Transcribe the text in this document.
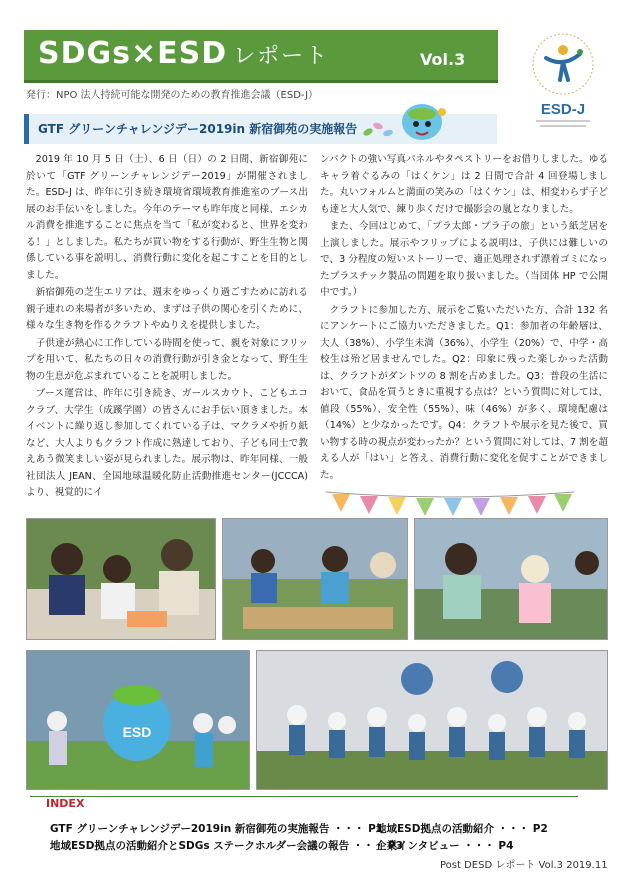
SDGs×ESD レポート	Vol.3
発行：NPO 法人持続可能な開発のための教育推進会議（ESD-J）
ESD-J
GTF グリーンチャレンジデー2019in 新宿御苑の実施報告

2019 年 10 月 5 日（土）、6 日（日）の 2 日間、新宿御苑に於いて「GTF グリーンチャレンジデー2019」が開催されました。ESD-J は、昨年に引き続き環境省環境教育推進室のブース出展のお手伝いをしました。今年のテーマも昨年度と同様、エシカル消費を推進することに焦点を当て「私が変わると、世界を変わる！」としました。私たちが買い物をする行動が、野生生物と関係している事を説明し、消費行動に変化を起こすことを目的としました。

新宿御苑の芝生エリアは、週末をゆっくり過ごすために訪れる親子連れの来場者が多いため、まずは子供の関心を引くために、様々な生き物を作るクラフトやぬりえを提供しました。

子供達が熱心に工作している時間を使って、親を対象にフリップを用いて、私たちの日々の消費行動が引き金となって、野生生物の生息が危ぶまれていることを説明しました。

ブース運営は、昨年に引き続き、ガールスカウト、こどもエコクラブ、大学生（成蹊学園）の皆さんにお手伝い頂きました。本イベントに繰り返し参加してくれている子は、マクラメや折り紙など、大人よりもクラフト作成に熟達しており、子ども同士で教えあう微笑ましい姿が見られました。展示物は、昨年同様、一般社団法人 JEAN、全国地球温暖化防止活動推進センター(JCCCA)より、視覚的にイ

ンパクトの強い写真パネルやタペストリーをお借りしました。ゆるキャラ着ぐるみの「はくケン」は 2 日間で合計 4 回登場しました。丸いフォルムと満面の笑みの「はくケン」は、相変わらず子ども達と大人気で、練り歩くだけで撮影会の嵐となりました。

また、今回はじめて、「プラ太郎・プラ子の旅」という紙芝居を上演しました。展示やフリップによる説明は、子供には難しいので、3 分程度の短いストーリーで、適正処理されず漂着ゴミになったプラスチック製品の問題を取り扱いました。（当団体 HP で公開中です。）

クラフトに参加した方、展示をご覧いただいた方、合計 132 名にアンケートにご協力いただきました。Q1：参加者の年齢層は、大人（38%）、小学生未満（36%）、小学生（20%）で、中学・高校生は殆ど居ませんでした。Q2：印象に残った楽しかった活動は、クラフトがダントツの 8 割を占めました。Q3：普段の生活において、食品を買うときに重視する点は？という質問に対しては、値段（55%）、安全性（55%）、味（46%）が多く、環境配慮は（14%）と少なかったです。Q4：クラフトや展示を見た後で、買い物する時の視点が変わったか？という質問に対しては、7 割を超える人が「はい」と答え、消費行動に変化を促すことができました。

ESD
INDEX
GTF グリーンチャレンジデー2019in 新宿御苑の実施報告 ・・・ P1
地域ESD拠点の活動紹介とSDGs ステークホルダー会議の報告 ・・・ P3
地域ESD拠点の活動紹介 ・・・ P2
企業インタビュー ・・・ P4
Post DESD レポート Vol.3 2019.11
